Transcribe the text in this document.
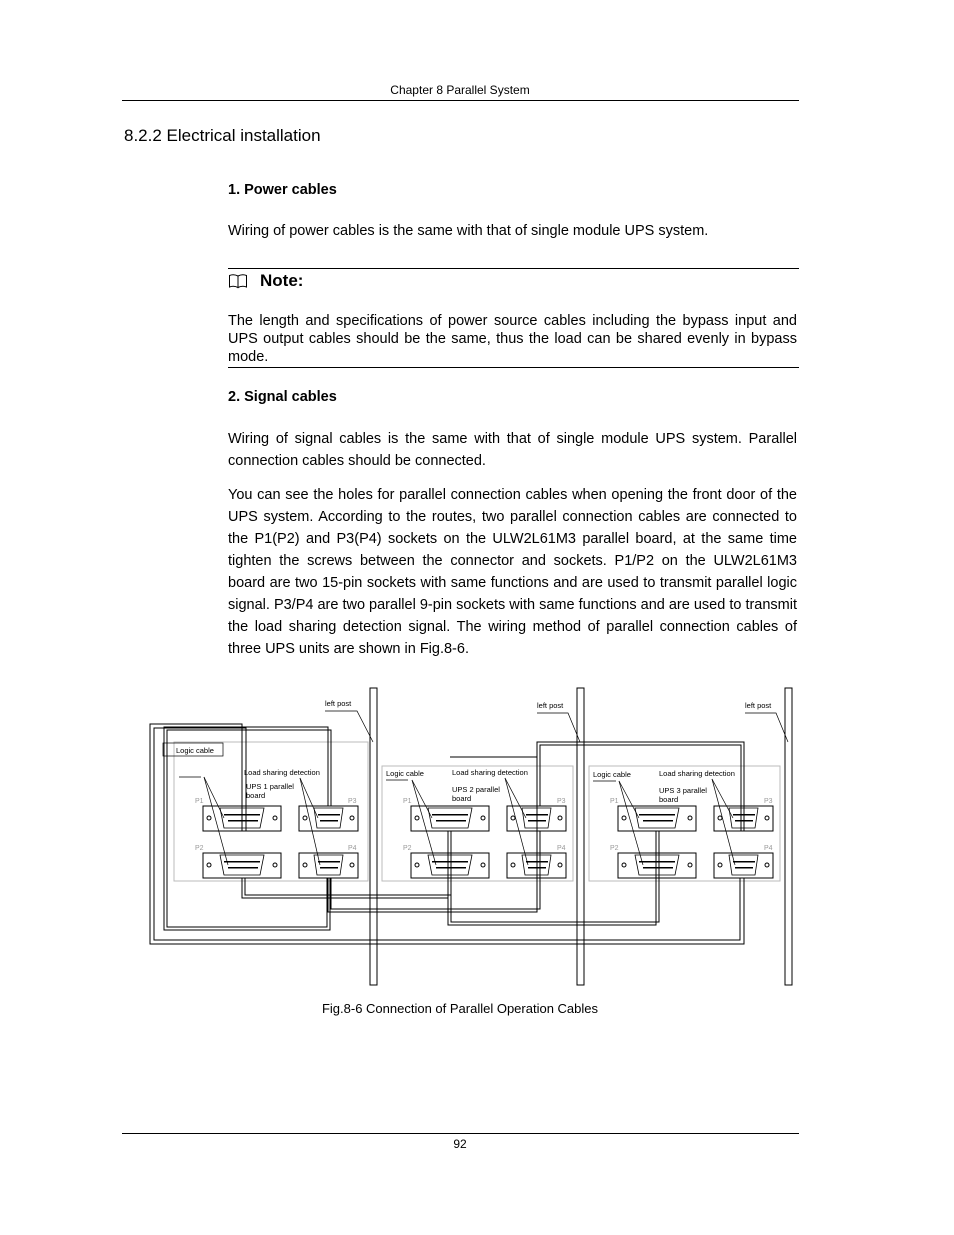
Chapter 8 Parallel System
8.2.2 Electrical installation
1. Power cables
Wiring of power cables is the same with that of single module UPS system.
Note:
The length and specifications of power source cables including the bypass input and UPS output cables should be the same, thus the load can be shared evenly in bypass mode.
2. Signal cables
Wiring of signal cables is the same with that of single module UPS system. Parallel connection cables should be connected.
You can see the holes for parallel connection cables when opening the front door of the UPS system. According to the routes, two parallel connection cables are connected to the P1(P2) and P3(P4) sockets on the ULW2L61M3 parallel board, at the same time tighten the screws between the connector and sockets. P1/P2 on the ULW2L61M3 board are two 15-pin sockets with same functions and are used to transmit parallel logic signal. P3/P4 are two parallel 9-pin sockets with same functions and are used to transmit the load sharing detection signal. The wiring method of parallel connection cables of three UPS units are shown in Fig.8-6.
left post	left post	left post
Logic cable
Logic cable	Logic cable
Load sharing detection	Load sharing detection	Load sharing detection
UPS 1 parallel
board
UPS 2 parallel
board
UPS 3 parallel
board
P1	P3
P2	P4
P1	P3
P2	P4
P1	P3
P2	P4
Fig.8-6 Connection of Parallel Operation Cables
92
